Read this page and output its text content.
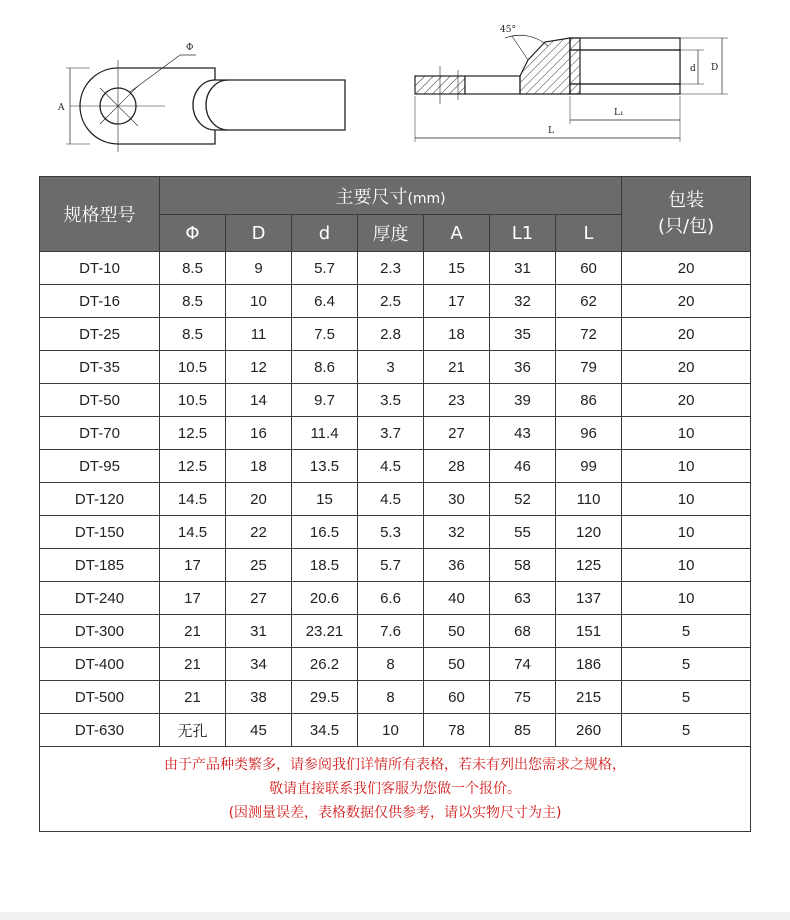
Φ
A
45°
d D
L₁
L
规格型号	主要尺寸(mm)							包装
(只/包)
	Φ	D	d	厚度	A	L1	L	
DT-10	8.5	9	5.7	2.3	15	31	60	20
DT-16	8.5	10	6.4	2.5	17	32	62	20
DT-25	8.5	11	7.5	2.8	18	35	72	20
DT-35	10.5	12	8.6	3	21	36	79	20
DT-50	10.5	14	9.7	3.5	23	39	86	20
DT-70	12.5	16	11.4	3.7	27	43	96	10
DT-95	12.5	18	13.5	4.5	28	46	99	10
DT-120	14.5	20	15	4.5	30	52	110	10
DT-150	14.5	22	16.5	5.3	32	55	120	10
DT-185	17	25	18.5	5.7	36	58	125	10
DT-240	17	27	20.6	6.6	40	63	137	10
DT-300	21	31	23.21	7.6	50	68	151	5
DT-400	21	34	26.2	8	50	74	186	5
DT-500	21	38	29.5	8	60	75	215	5
DT-630	无孔	45	34.5	10	78	85	260	5

由于产品种类繁多，请参阅我们详情所有表格，若未有列出您需求之规格，
敬请直接联系我们客服为您做一个报价。
(因测量误差，表格数据仅供参考，请以实物尺寸为主)								
